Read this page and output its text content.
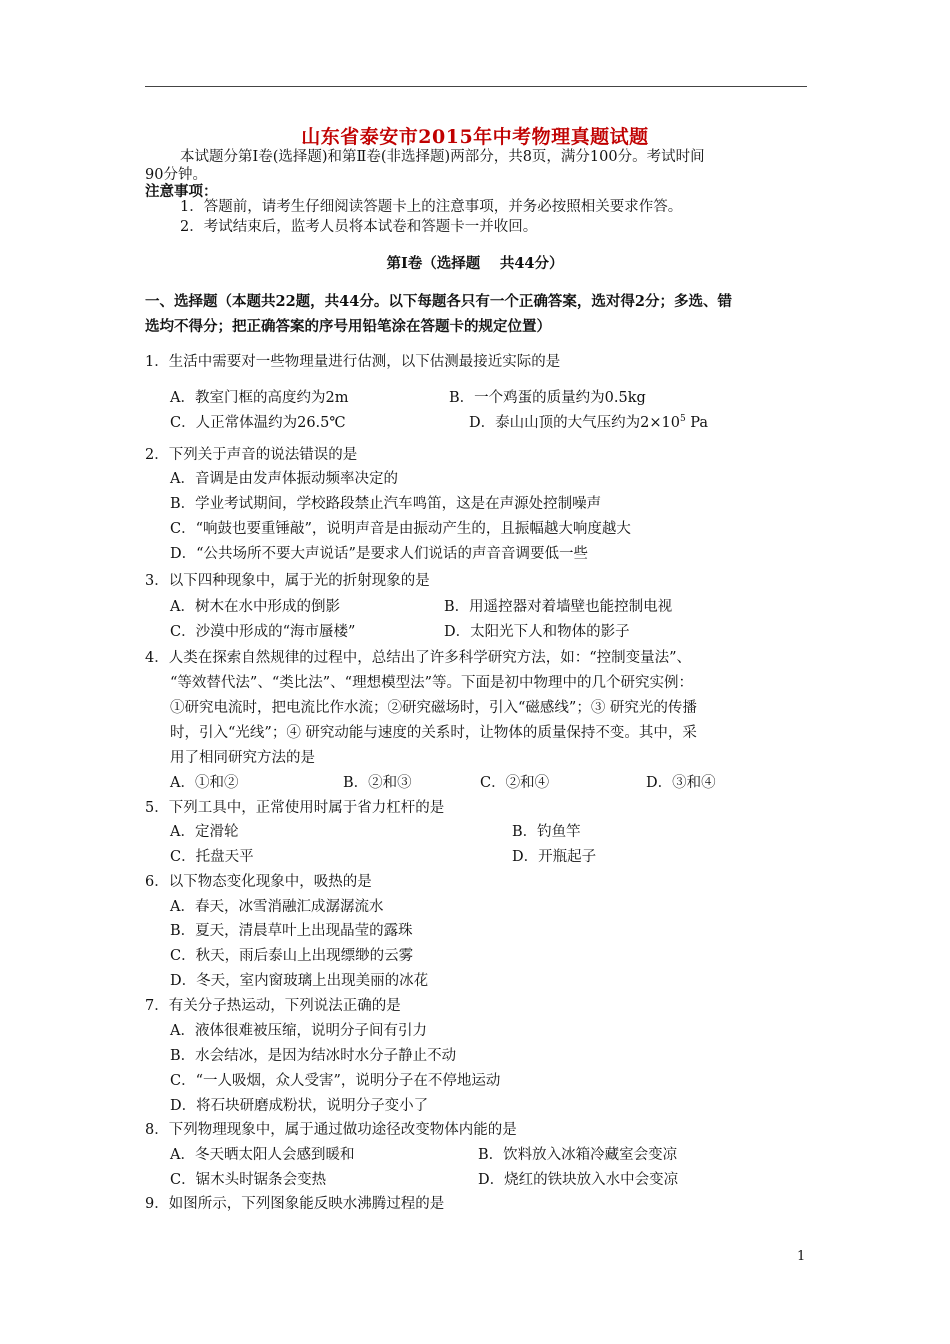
山东省泰安市2015年中考物理真题试题
本试题分第Ⅰ卷(选择题)和第Ⅱ卷(非选择题)两部分，共8页，满分100分。考试时间
90分钟。
注意事项：
1．答题前，请考生仔细阅读答题卡上的注意事项，并务必按照相关要求作答。
2．考试结束后，监考人员将本试卷和答题卡一并收回。
第Ⅰ卷（选择题　 共44分）
一、选择题（本题共22题，共44分。以下每题各只有一个正确答案，选对得2分；多选、错
选均不得分；把正确答案的序号用铅笔涂在答题卡的规定位置）
1．生活中需要对一些物理量进行估测，以下估测最接近实际的是
A．教室门框的高度约为2m	B．一个鸡蛋的质量约为0.5kg
C．人正常体温约为26.5℃	D．泰山山顶的大气压约为$2\times 10^5$ Pa
2．下列关于声音的说法错误的是
A．音调是由发声体振动频率决定的
B．学业考试期间，学校路段禁止汽车鸣笛，这是在声源处控制噪声
C．“响鼓也要重锤敲”，说明声音是由振动产生的，且振幅越大响度越大
D．“公共场所不要大声说话”是要求人们说话的声音音调要低一些
3．以下四种现象中，属于光的折射现象的是
A．树木在水中形成的倒影	B．用遥控器对着墙壁也能控制电视
C．沙漠中形成的“海市蜃楼”	D．太阳光下人和物体的影子
4．人类在探索自然规律的过程中，总结出了许多科学研究方法，如：“控制变量法”、
“等效替代法”、“类比法”、“理想模型法”等。下面是初中物理中的几个研究实例：
①研究电流时，把电流比作水流；②研究磁场时，引入“磁感线”；③ 研究光的传播
时，引入“光线”；④ 研究动能与速度的关系时，让物体的质量保持不变。其中，采
用了相同研究方法的是
A．①和②	B．②和③	C．②和④	D．③和④
5．下列工具中，正常使用时属于省力杠杆的是
A．定滑轮	B．钓鱼竿
C．托盘天平	D．开瓶起子
6．以下物态变化现象中，吸热的是
A．春天，冰雪消融汇成潺潺流水
B．夏天，清晨草叶上出现晶莹的露珠
C．秋天，雨后泰山上出现缥缈的云雾
D．冬天，室内窗玻璃上出现美丽的冰花
7．有关分子热运动，下列说法正确的是
A．液体很难被压缩，说明分子间有引力
B．水会结冰，是因为结冰时水分子静止不动
C．“一人吸烟，众人受害”，说明分子在不停地运动
D．将石块研磨成粉状，说明分子变小了
8．下列物理现象中，属于通过做功途径改变物体内能的是
A．冬天晒太阳人会感到暖和	B．饮料放入冰箱冷藏室会变凉
C．锯木头时锯条会变热	D．烧红的铁块放入水中会变凉
9．如图所示，下列图象能反映水沸腾过程的是
1
